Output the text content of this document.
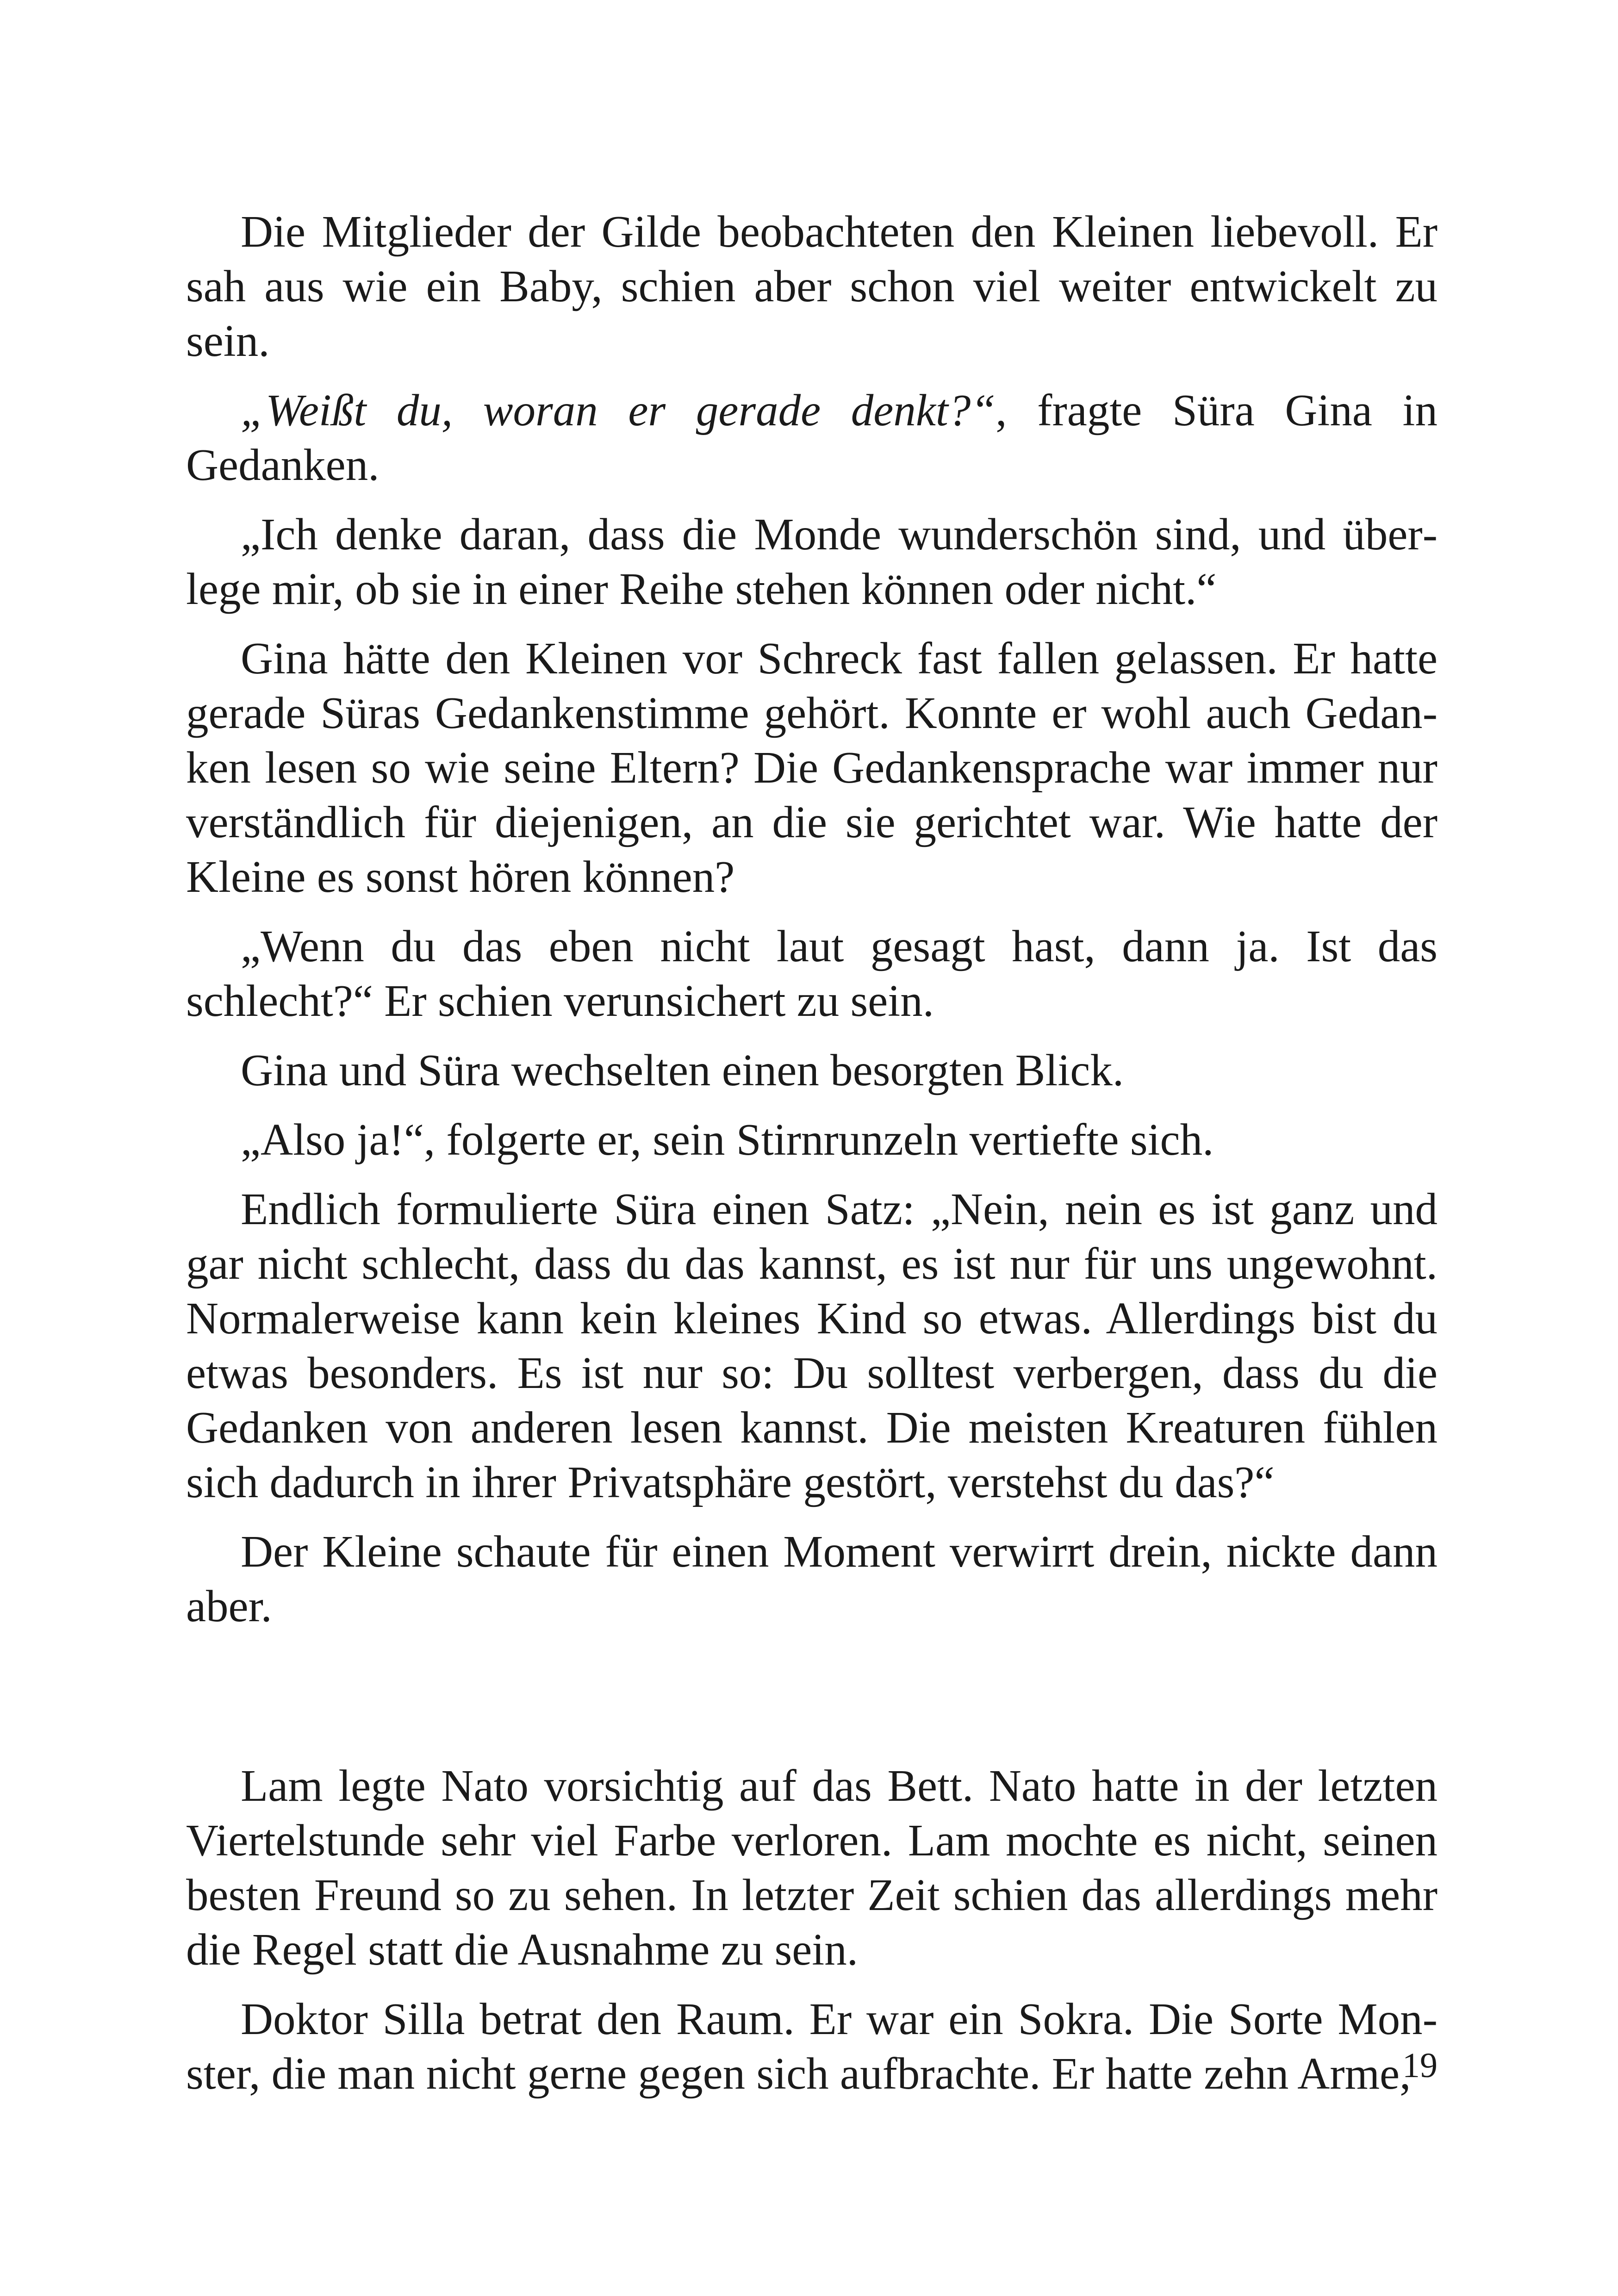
Die Mitglieder der Gilde beobachteten den Kleinen liebevoll. Er sah aus wie ein Baby, schien aber schon viel weiter entwickelt zu sein.

„Weißt du, woran er gerade denkt?“, fragte Süra Gina in Gedanken.

„Ich denke daran, dass die Monde wunderschön sind, und überlege mir, ob sie in einer Reihe stehen können oder nicht.“

Gina hätte den Kleinen vor Schreck fast fallen gelassen. Er hatte gerade Süras Gedankenstimme gehört. Konnte er wohl auch Gedanken lesen so wie seine Eltern? Die Gedankensprache war immer nur verständlich für diejenigen, an die sie gerichtet war. Wie hatte der Kleine es sonst hören können?

„Wenn du das eben nicht laut gesagt hast, dann ja. Ist das schlecht?“ Er schien verunsichert zu sein.

Gina und Süra wechselten einen besorgten Blick.

„Also ja!“, folgerte er, sein Stirnrunzeln vertiefte sich.

Endlich formulierte Süra einen Satz: „Nein, nein es ist ganz und gar nicht schlecht, dass du das kannst, es ist nur für uns ungewohnt. Normalerweise kann kein kleines Kind so etwas. Allerdings bist du etwas besonders. Es ist nur so: Du solltest verbergen, dass du die Gedanken von anderen lesen kannst. Die meisten Kreaturen fühlen sich dadurch in ihrer Privatsphäre gestört, verstehst du das?“

Der Kleine schaute für einen Moment verwirrt drein, nickte dann aber.

Lam legte Nato vorsichtig auf das Bett. Nato hatte in der letzten Viertelstunde sehr viel Farbe verloren. Lam mochte es nicht, seinen besten Freund so zu sehen. In letzter Zeit schien das allerdings mehr die Regel statt die Ausnahme zu sein.

Doktor Silla betrat den Raum. Er war ein Sokra. Die Sorte Monster, die man nicht gerne gegen sich aufbrachte. Er hatte zehn Arme,

19
